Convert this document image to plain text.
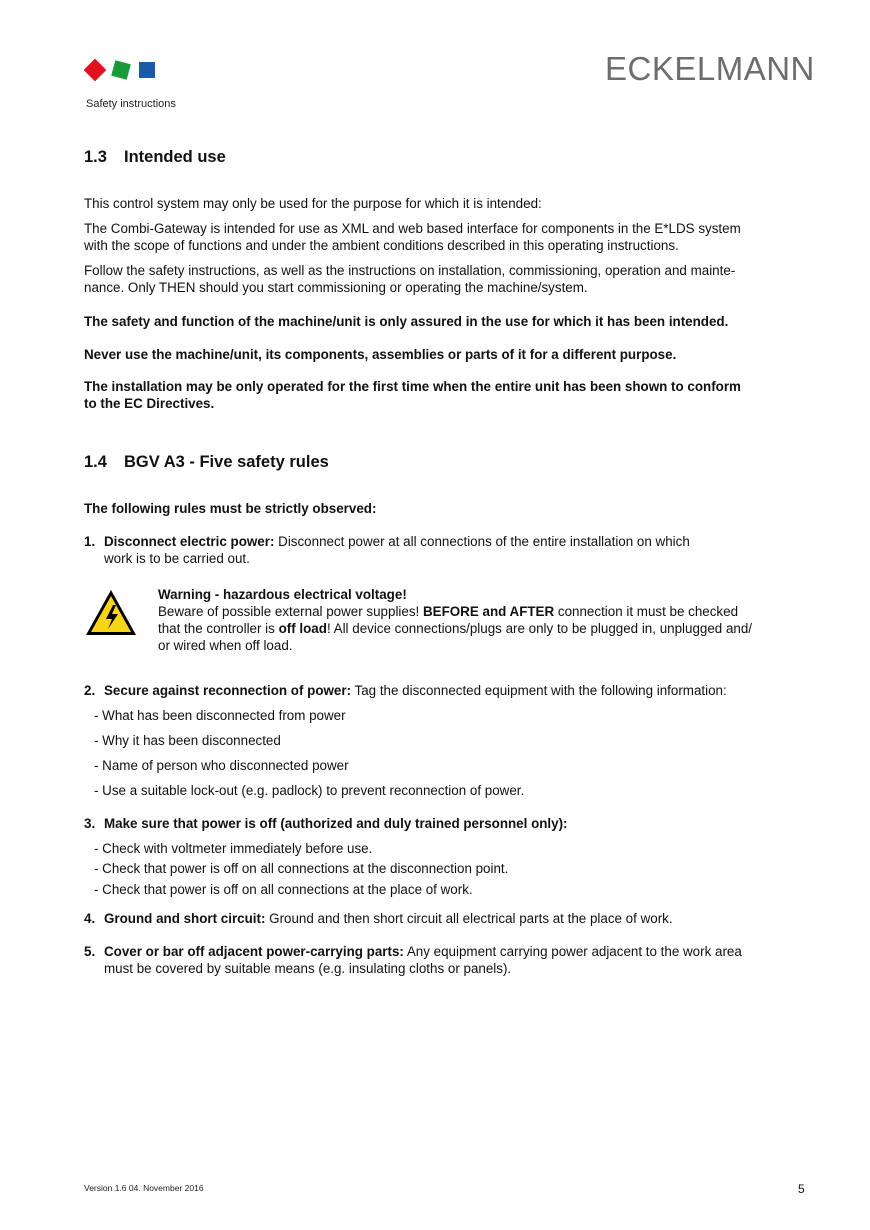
ECKELMANN
Safety instructions
1.3 Intended use
This control system may only be used for the purpose for which it is intended:
The Combi-Gateway is intended for use as XML and web based interface for components in the E*LDS system
with the scope of functions and under the ambient conditions described in this operating instructions.
Follow the safety instructions, as well as the instructions on installation, commissioning, operation and mainte-
nance. Only THEN should you start commissioning or operating the machine/system.
The safety and function of the machine/unit is only assured in the use for which it has been intended.
Never use the machine/unit, its components, assemblies or parts of it for a different purpose.
The installation may be only operated for the first time when the entire unit has been shown to conform
to the EC Directives.
1.4 BGV A3 - Five safety rules
The following rules must be strictly observed:
1. Disconnect electric power: Disconnect power at all connections of the entire installation on which
work is to be carried out.
Warning - hazardous electrical voltage!
Beware of possible external power supplies! BEFORE and AFTER connection it must be checked
that the controller is off load! All device connections/plugs are only to be plugged in, unplugged and/
or wired when off load.
2. Secure against reconnection of power: Tag the disconnected equipment with the following information:
- What has been disconnected from power
- Why it has been disconnected
- Name of person who disconnected power
- Use a suitable lock-out (e.g. padlock) to prevent reconnection of power.
3. Make sure that power is off (authorized and duly trained personnel only):
- Check with voltmeter immediately before use.
- Check that power is off on all connections at the disconnection point.
- Check that power is off on all connections at the place of work.
4. Ground and short circuit: Ground and then short circuit all electrical parts at the place of work.
5. Cover or bar off adjacent power-carrying parts: Any equipment carrying power adjacent to the work area
must be covered by suitable means (e.g. insulating cloths or panels).
Version 1.6 04. November 2016	5
